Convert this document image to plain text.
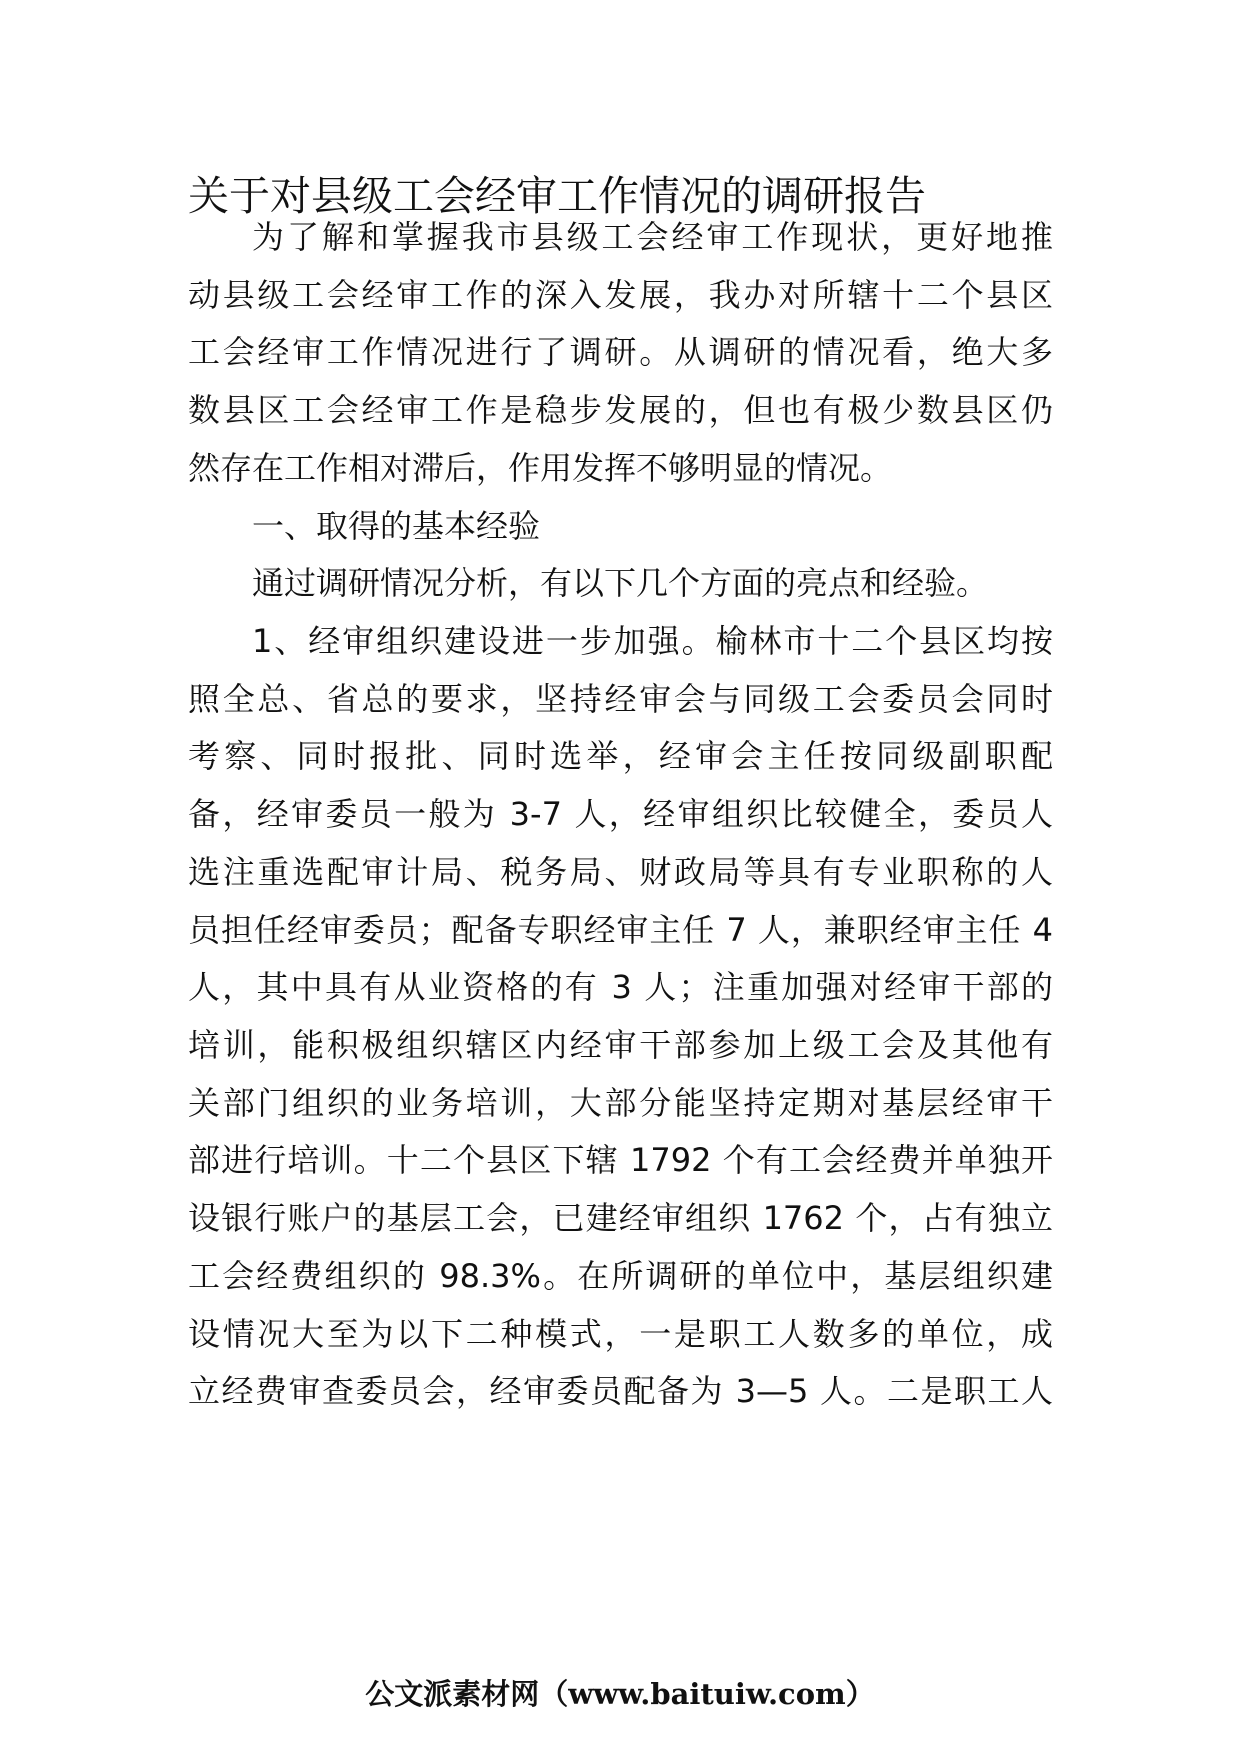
关于对县级工会经审工作情况的调研报告
为了解和掌握我市县级工会经审工作现状，更好地推
动县级工会经审工作的深入发展，我办对所辖十二个县区
工会经审工作情况进行了调研。从调研的情况看，绝大多
数县区工会经审工作是稳步发展的，但也有极少数县区仍
然存在工作相对滞后，作用发挥不够明显的情况。
一、取得的基本经验
通过调研情况分析，有以下几个方面的亮点和经验。
1、经审组织建设进一步加强。榆林市十二个县区均按
照全总、省总的要求，坚持经审会与同级工会委员会同时
考察、同时报批、同时选举，经审会主任按同级副职配
备，经审委员一般为 3-7 人，经审组织比较健全，委员人
选注重选配审计局、税务局、财政局等具有专业职称的人
员担任经审委员；配备专职经审主任 7 人，兼职经审主任 4
人，其中具有从业资格的有 3 人；注重加强对经审干部的
培训，能积极组织辖区内经审干部参加上级工会及其他有
关部门组织的业务培训，大部分能坚持定期对基层经审干
部进行培训。十二个县区下辖 1792 个有工会经费并单独开
设银行账户的基层工会，已建经审组织 1762 个，占有独立
工会经费组织的 98.3%。在所调研的单位中，基层组织建
设情况大至为以下二种模式，一是职工人数多的单位，成
立经费审查委员会，经审委员配备为 3—5 人。二是职工人
公文派素材网（www.baituiw.com）
